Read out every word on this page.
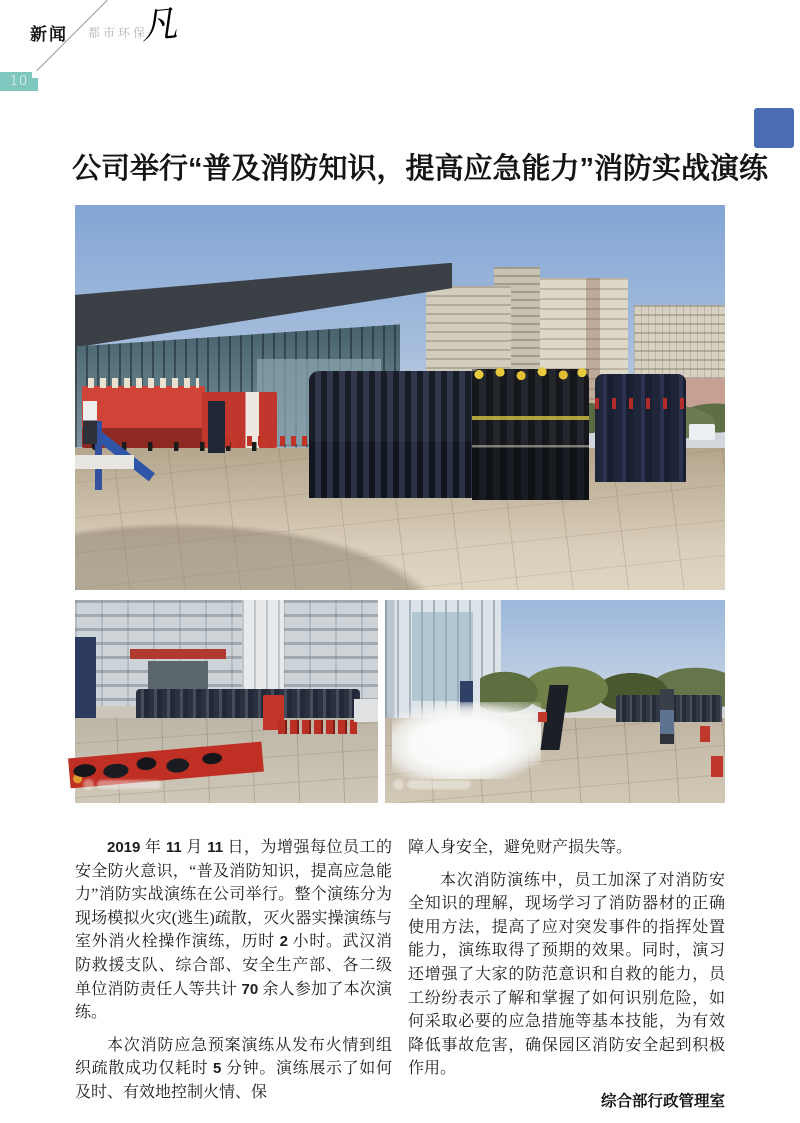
新闻 都市环保
凡
10
公司举行“普及消防知识，提高应急能力”消防实战演练

2019 年 11 月 11 日，为增强每位员工的安全防火意识，“普及消防知识，提高应急能力”消防实战演练在公司举行。整个演练分为现场模拟火灾(逃生)疏散，灭火器实操演练与室外消火栓操作演练，历时 2 小时。武汉消防救援支队、综合部、安全生产部、各二级单位消防责任人等共计 70 余人参加了本次演练。

本次消防应急预案演练从发布火情到组织疏散成功仅耗时 5 分钟。演练展示了如何及时、有效地控制火情、保

障人身安全，避免财产损失等。

本次消防演练中，员工加深了对消防安全知识的理解，现场学习了消防器材的正确使用方法，提高了应对突发事件的指挥处置能力，演练取得了预期的效果。同时，演习还增强了大家的防范意识和自救的能力，员工纷纷表示了解和掌握了如何识别危险，如何采取必要的应急措施等基本技能，为有效降低事故危害，确保园区消防安全起到积极作用。

综合部行政管理室
